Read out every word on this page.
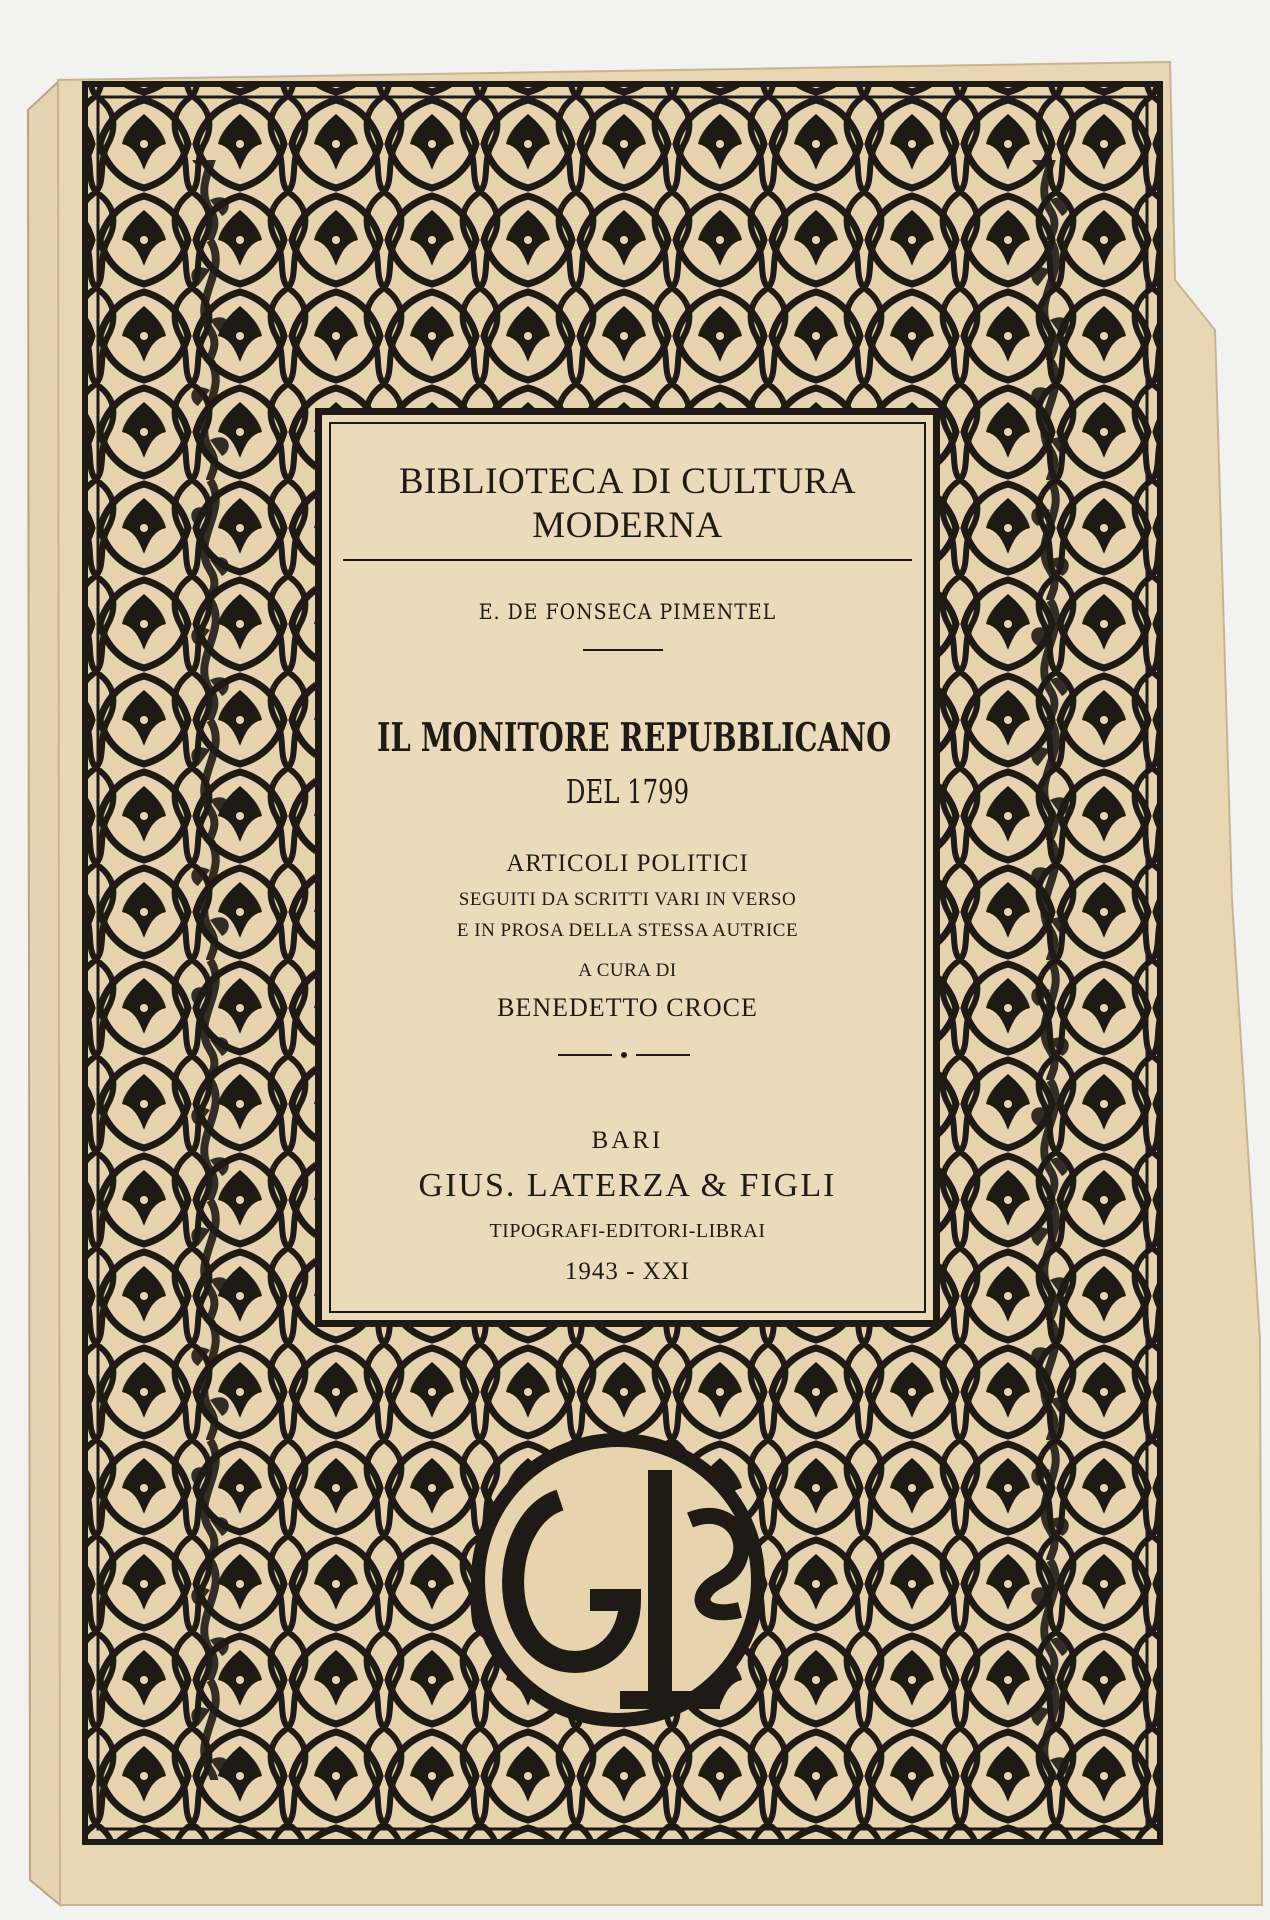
BIBLIOTECA DI CULTURA
MODERNA
E. DE FONSECA PIMENTEL
IL MONITORE REPUBBLICANO
DEL 1799
ARTICOLI POLITICI
SEGUITI DA SCRITTI VARI IN VERSO
E IN PROSA DELLA STESSA AUTRICE
A CURA DI
BENEDETTO CROCE
BARI
GIUS. LATERZA & FIGLI
TIPOGRAFI-EDITORI-LIBRAI
1943 - XXI
